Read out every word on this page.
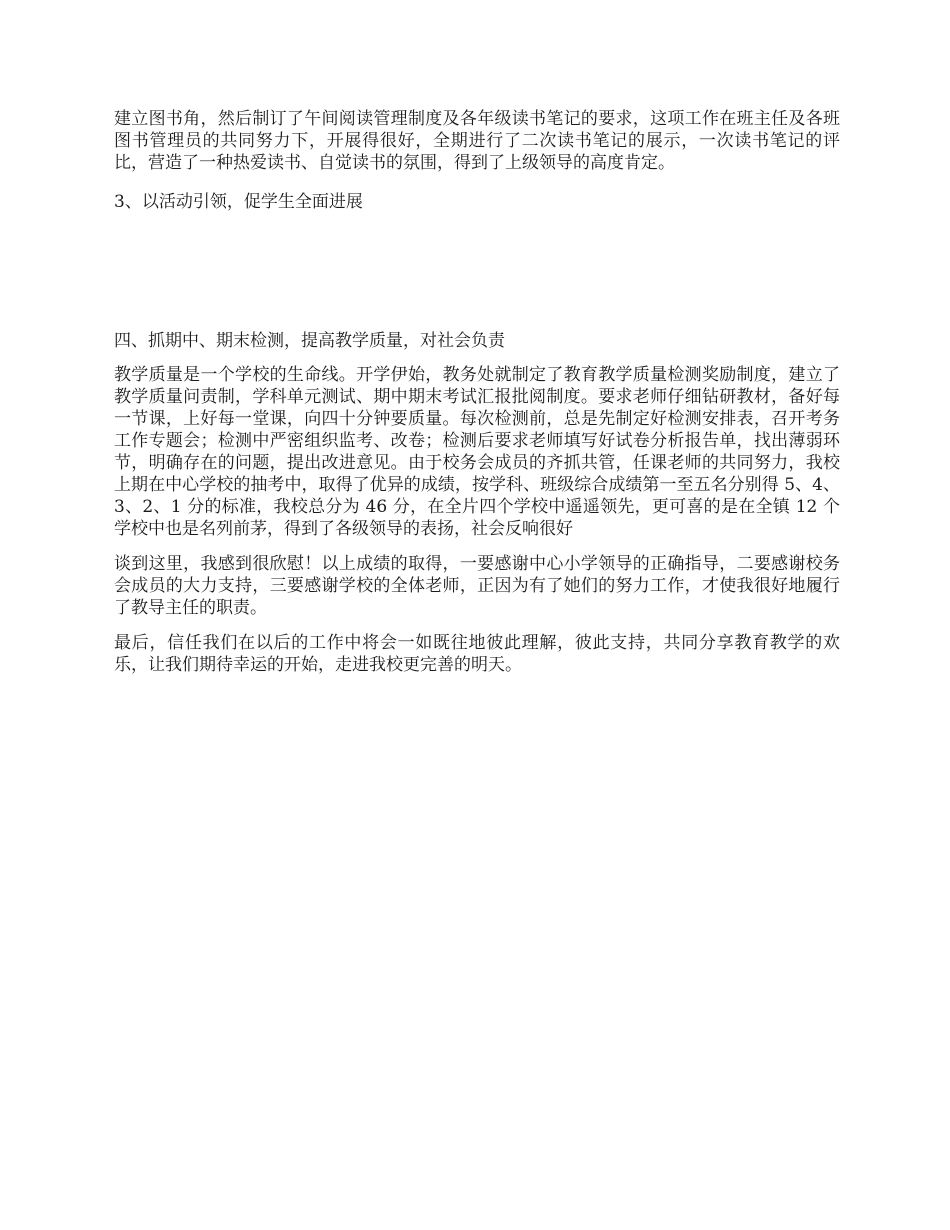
建立图书角，然后制订了午间阅读管理制度及各年级读书笔记的要求，这项工作在班主任及各班图书管理员的共同努力下，开展得很好，全期进行了二次读书笔记的展示，一次读书笔记的评比，营造了一种热爱读书、自觉读书的氛围，得到了上级领导的高度肯定。

3、以活动引领，促学生全面进展

四、抓期中、期末检测，提高教学质量，对社会负责

教学质量是一个学校的生命线。开学伊始，教务处就制定了教育教学质量检测奖励制度，建立了教学质量问责制，学科单元测试、期中期末考试汇报批阅制度。要求老师仔细钻研教材，备好每一节课，上好每一堂课，向四十分钟要质量。每次检测前，总是先制定好检测安排表，召开考务工作专题会；检测中严密组织监考、改卷；检测后要求老师填写好试卷分析报告单，找出薄弱环节，明确存在的问题，提出改进意见。由于校务会成员的齐抓共管，任课老师的共同努力，我校上期在中心学校的抽考中，取得了优异的成绩，按学科、班级综合成绩第一至五名分别得 5、4、3、2、1 分的标准，我校总分为 46 分，在全片四个学校中遥遥领先，更可喜的是在全镇 12 个学校中也是名列前茅，得到了各级领导的表扬，社会反响很好

谈到这里，我感到很欣慰！以上成绩的取得，一要感谢中心小学领导的正确指导，二要感谢校务会成员的大力支持，三要感谢学校的全体老师，正因为有了她们的努力工作，才使我很好地履行了教导主任的职责。

最后，信任我们在以后的工作中将会一如既往地彼此理解，彼此支持，共同分享教育教学的欢乐，让我们期待幸运的开始，走进我校更完善的明天。
